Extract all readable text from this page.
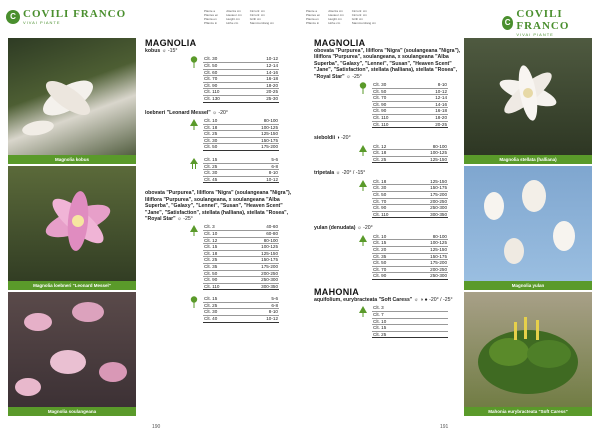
C COVILI FRANCO
VIVAI PIANTE
Plante a
Plantes en
Planta en
Pflanze in
Altezza cm
Hauteur cm
Height cm
Höhe cm
Circonf. cm
Circonf. cm
Girth cm
Stammumfang cm
Magnolia kobus
Magnolia loebneri "Leonard Messel"
Magnolia soulangeana
MAGNOLIA
kobus ☼ -15°
Clt. 30	10-12
Clt. 50	12-14
Clt. 60	14-16
Clt. 70	16-18
Clt. 90	18-20
Clt. 110	20-25
Clt. 130	25-30
loebneri "Leonard Messel" ☼ -20°
Clt. 10	80-100
Clt. 18	100-125
Clt. 25	125-150
Clt. 30	150-175
Clt. 50	175-200
Clt. 15	5-6
Clt. 25	6-8
Clt. 30	8-10
Clt. 45	10-12
obovata "Purpurea", liliflora "Nigra" (soulangeana "Nigra"), liliflora "Purpurea", soulangeana, x soulangeana "Alba Superba", "Galaxy", "Lennei", "Susan", "Heaven Scent" "Jane", "Satisfaction", stellata (halliana), stellata "Rosea", "Royal Star" ☼ -25°
Clt. 3	40-60
Clt. 10	60-80
Clt. 12	80-100
Clt. 15	100-125
Clt. 18	125-150
Clt. 25	150-175
Clt. 35	175-200
Clt. 50	200-250
Clt. 90	250-300
Clt. 110	300-350
Clt. 15	5-6
Clt. 25	6-8
Clt. 30	8-10
Clt. 40	10-12
190
Plante a
Plantes en
Planta en
Pflanze in
Altezza cm
Hauteur cm
Height cm
Höhe cm
Circonf. cm
Circonf. cm
Girth cm
Stammumfang cm	C
COVILI FRANCO
VIVAI PIANTE
MAGNOLIA
obovata "Purpurea", liliflora "Nigra" (soulangeana "Nigra"), liliflora "Purpurea", soulangeana, x soulangeana "Alba Superba", "Galaxy", "Lennei", "Susan", "Heaven Scent" "Jane", "Satisfaction", stellata (halliana), stellata "Rosea", "Royal Star" ☼ -25°
Clt. 30	8-10
Clt. 50	10-12
Clt. 70	12-14
Clt. 90	14-16
Clt. 90	16-18
Clt. 110	18-20
Clt. 110	20-25
sieboldii ◑ -20°
Clt. 12	80-100
Clt. 18	100-125
Clt. 25	125-150
tripetala ☼ -20° / -15°
Clt. 18	125-150
Clt. 30	150-175
Clt. 50	175-200
Clt. 70	200-250
Clt. 90	250-300
Clt. 110	300-350
yulan (denudata) ☼ -20°
Clt. 10	80-100
Clt. 15	100-125
Clt. 20	125-150
Clt. 35	150-175
Clt. 50	175-200
Clt. 70	200-250
Clt. 90	250-300
MAHONIA
aquifolium, eurybracteata "Soft Caress" ☼ ◑ ● -20° / -25°
Clt. 3
Clt. 7
Clt. 10
Clt. 15
Clt. 25
Magnolia stellata (halliana)
Magnolia yulan
Mahonia eurybracteata "Soft Caress"
191
